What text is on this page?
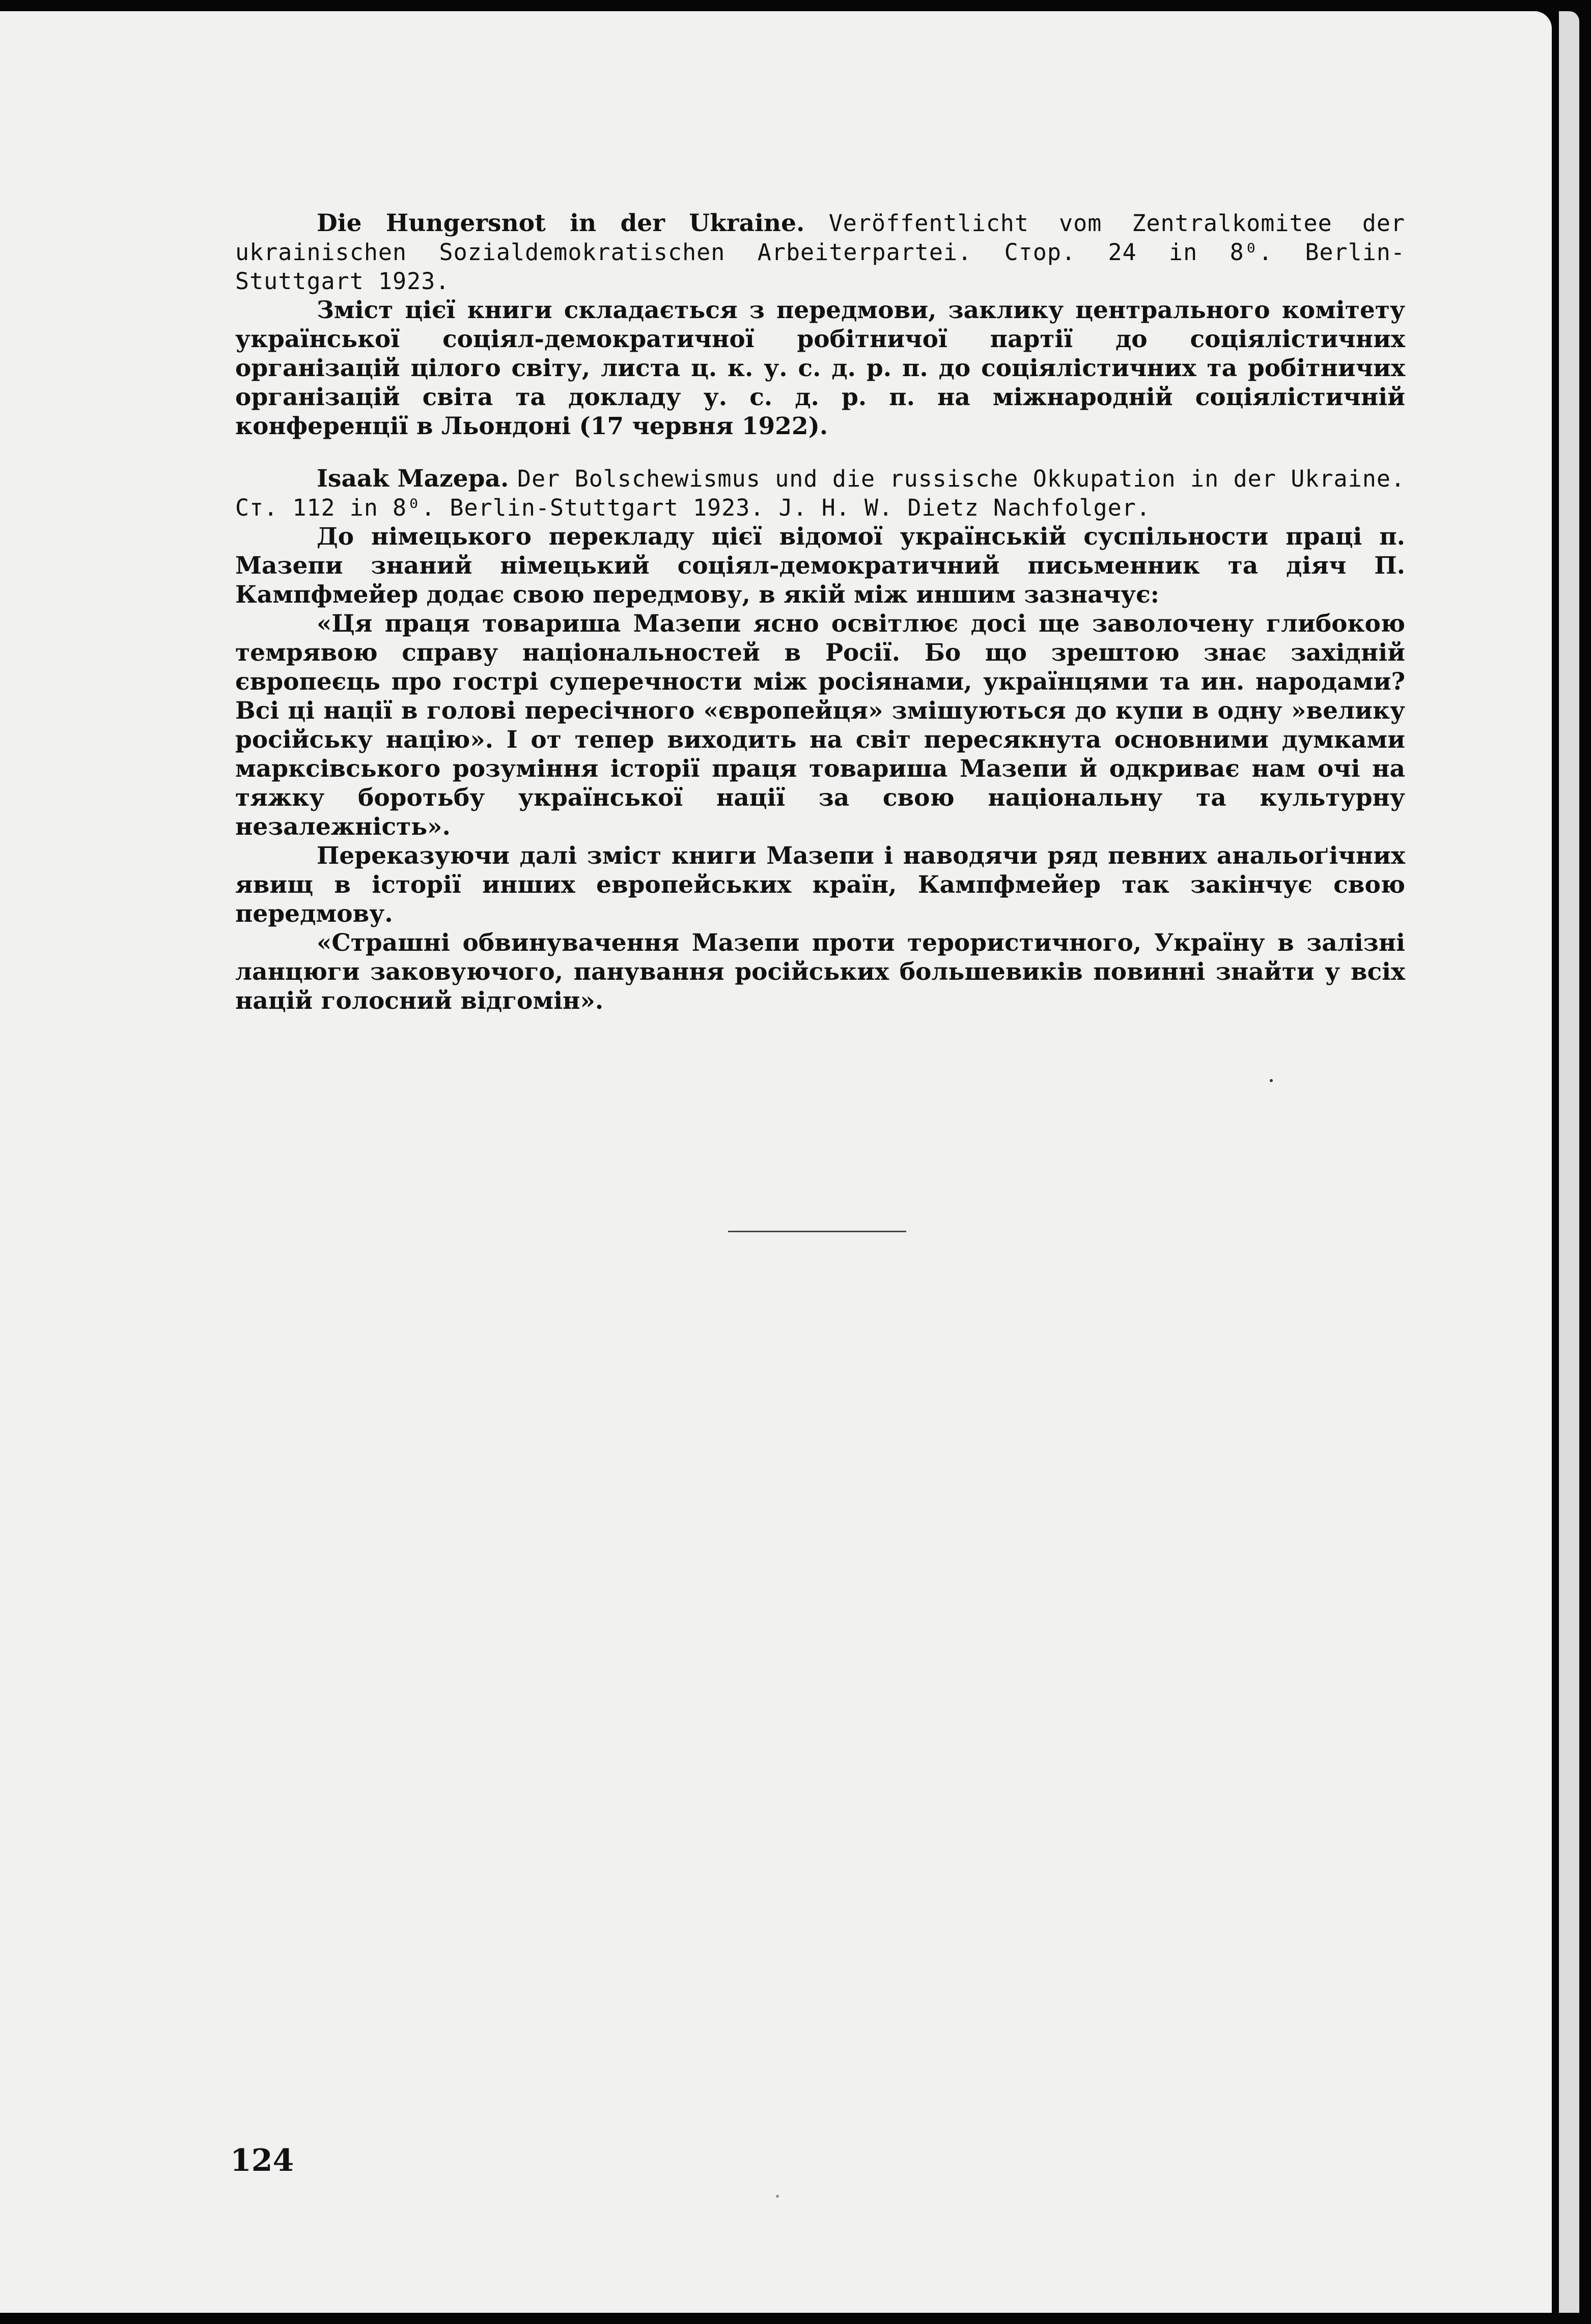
Die Hungersnot in der Ukraine. Veröffentlicht vom Zentralkomitee der ukrainischen Sozialdemokratischen Arbeiterpartei. Стор. 24 in 8⁰. Berlin-Stuttgart 1923.

Зміст цієї книги складається з передмови, заклику центрального комітету української соціял-демократичної робітничої партії до соціялістичних організацій цілого світу, листа ц. к. у. с. д. р. п. до соціялістичних та робітничих організацій світа та докладу у. с. д. р. п. на міжнародній соціялістичній конференції в Льондоні (17 червня 1922).

Isaak Mazepa. Der Bolschewismus und die russische Okkupation in der Ukraine. Ст. 112 in 8⁰. Berlin-Stuttgart 1923. J. H. W. Dietz Nachfolger.

До німецького перекладу цієї відомої українській суспільности праці п. Мазепи знаний німецький соціял-демократичний письменник та діяч П. Кампфмейер додає свою передмову, в якій між иншим зазначує:

«Ця праця товариша Мазепи ясно освітлює досі ще заволочену глибокою темрявою справу національностей в Росії. Бо що зрештою знає західній європеєць про гострі суперечности між росіянами, українцями та ин. народами? Всі ці нації в голові пересічного «європейця» змішуються до купи в одну »велику російську націю». І от тепер виходить на світ пересякнута основними думками марксівського розуміння історії праця товариша Мазепи й одкриває нам очі на тяжку боротьбу української нації за свою національну та культурну незалежність».

Переказуючи далі зміст книги Мазепи і наводячи ряд певних анальоґічних явищ в історії инших европейських країн, Кампфмейер так закінчує свою передмову.

«Страшні обвинувачення Мазепи проти терористичного, Україну в залізні ланцюги заковуючого, панування російських большевиків повинні знайти у всіх націй голосний відгомін».

124
